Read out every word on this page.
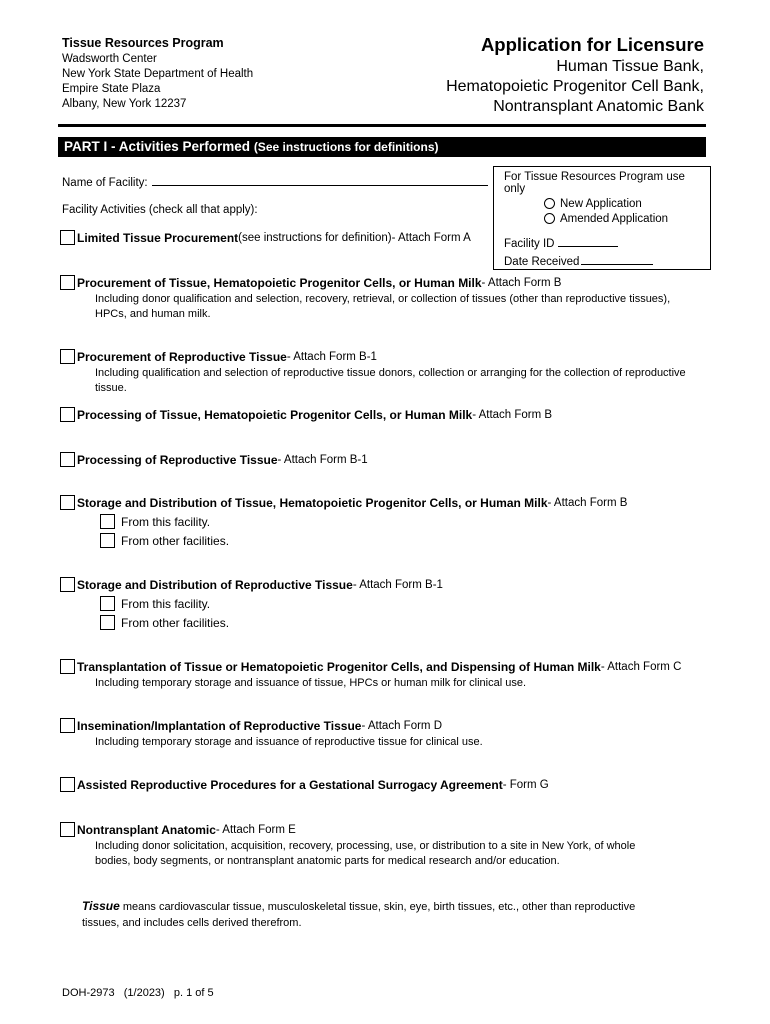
Tissue Resources Program
Wadsworth Center
New York State Department of Health
Empire State Plaza
Albany, New York 12237
Application for Licensure
Human Tissue Bank,
Hematopoietic Progenitor Cell Bank,
Nontransplant Anatomic Bank
PART I - Activities Performed (See instructions for definitions)
Name of Facility:
Facility Activities (check all that apply):
For Tissue Resources Program use only
New Application
Amended Application
Facility ID
Date Received
Limited Tissue Procurement (see instructions for definition) - Attach Form A
Procurement of Tissue, Hematopoietic Progenitor Cells, or Human Milk - Attach Form B
Including donor qualification and selection, recovery, retrieval, or collection of tissues (other than reproductive tissues), HPCs, and human milk.
Procurement of Reproductive Tissue - Attach Form B-1
Including qualification and selection of reproductive tissue donors, collection or arranging for the collection of reproductive tissue.
Processing of Tissue, Hematopoietic Progenitor Cells, or Human Milk - Attach Form B
Processing of Reproductive Tissue - Attach Form B-1
Storage and Distribution of Tissue, Hematopoietic Progenitor Cells, or Human Milk - Attach Form B
From this facility.
From other facilities.
Storage and Distribution of Reproductive Tissue - Attach Form B-1
From this facility.
From other facilities.
Transplantation of Tissue or Hematopoietic Progenitor Cells, and Dispensing of Human Milk - Attach Form C
Including temporary storage and issuance of tissue, HPCs or human milk for clinical use.
Insemination/Implantation of Reproductive Tissue - Attach Form D
Including temporary storage and issuance of reproductive tissue for clinical use.
Assisted Reproductive Procedures for a Gestational Surrogacy Agreement - Form G
Nontransplant Anatomic - Attach Form E
Including donor solicitation, acquisition, recovery, processing, use, or distribution to a site in New York, of whole bodies, body segments, or nontransplant anatomic parts for medical research and/or education.
Tissue means cardiovascular tissue, musculoskeletal tissue, skin, eye, birth tissues, etc., other than reproductive tissues, and includes cells derived therefrom.
DOH-2973   (1/2023)   p. 1 of 5
